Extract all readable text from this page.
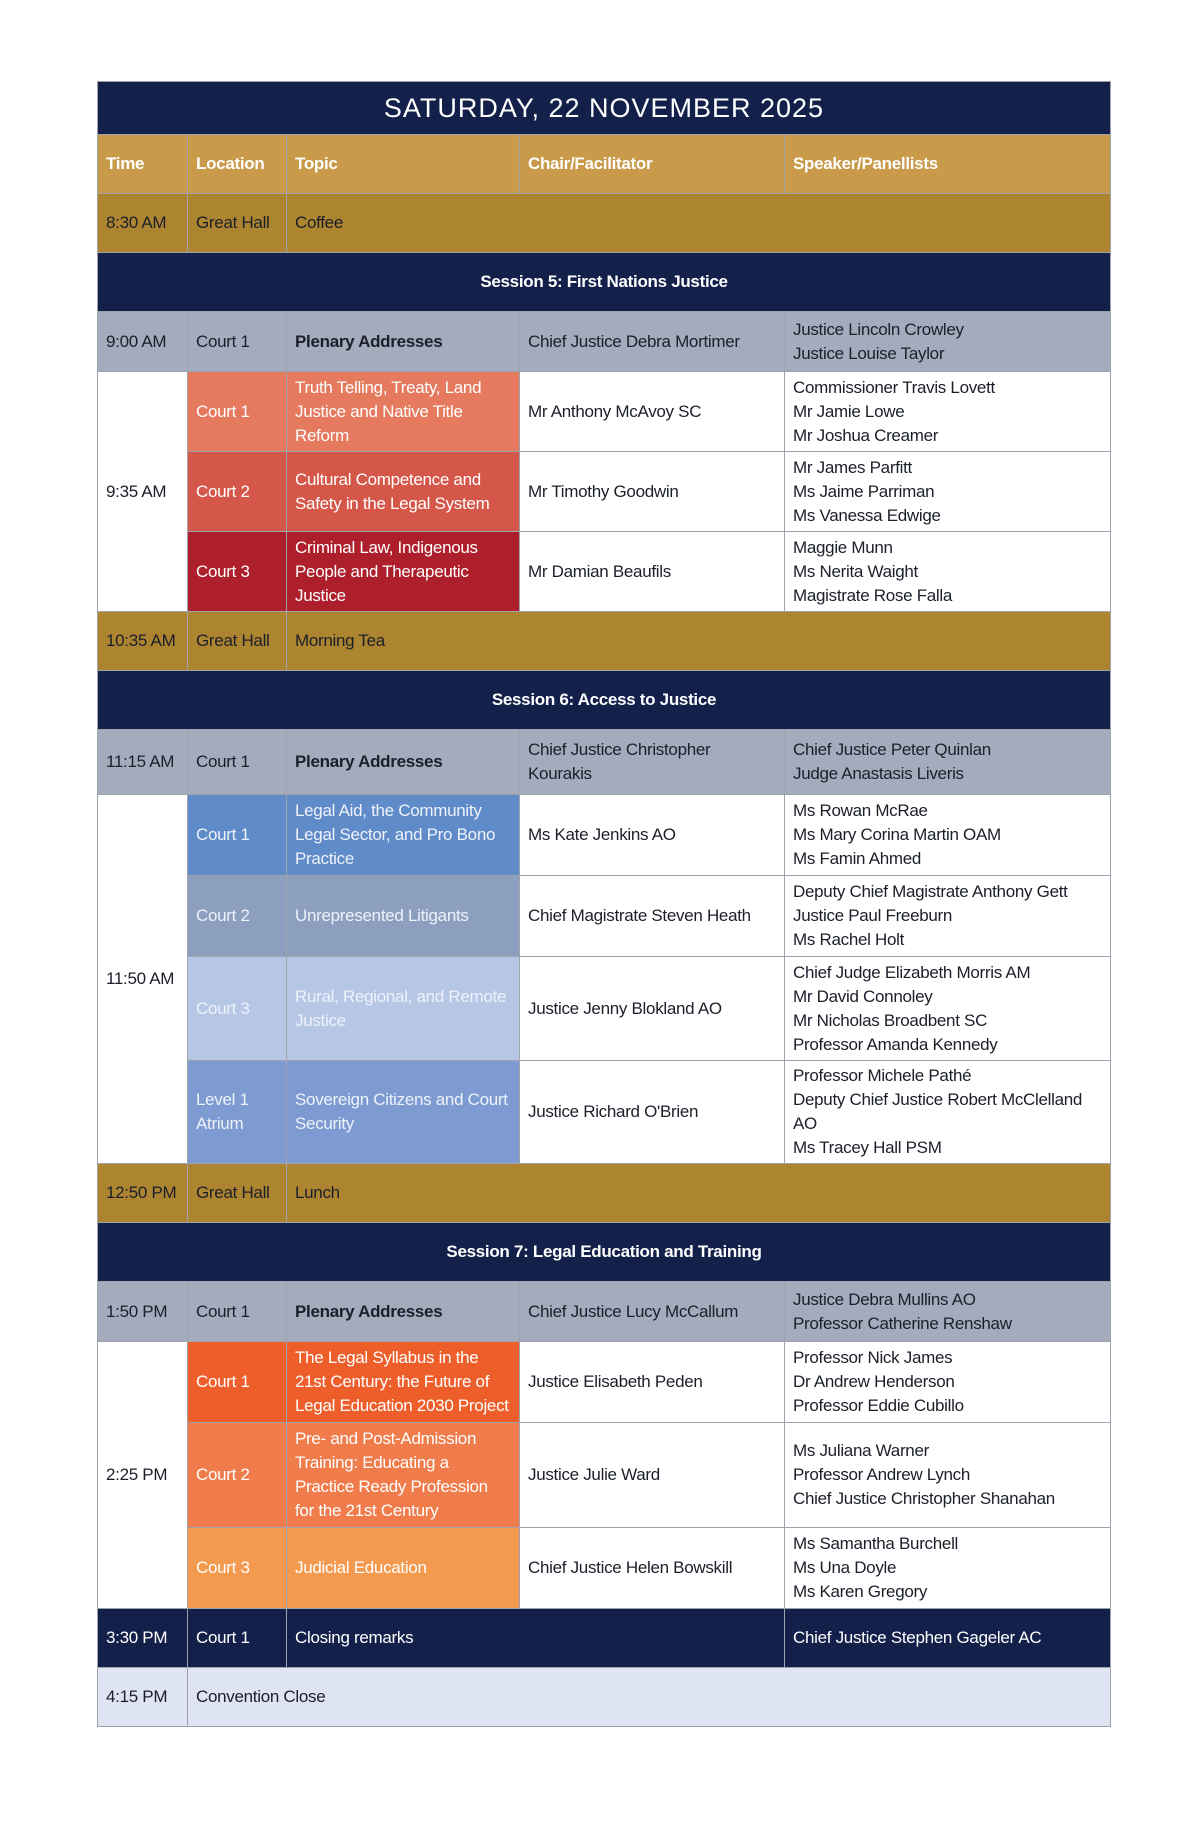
SATURDAY, 22 NOVEMBER 2025				
Time	Location	Topic	Chair/Facilitator	Speaker/Panellists
8:30 AM	Great Hall	Coffee		
Session 5: First Nations Justice				
9:00 AM	Court 1	Plenary Addresses	Chief Justice Debra Mortimer	Justice Lincoln Crowley
Justice Louise Taylor

9:35 AM	Court 1	Truth Telling, Treaty, Land Justice and Native Title Reform	Mr Anthony McAvoy SC	Commissioner Travis Lovett
Mr Jamie Lowe
Mr Joshua Creamer

	Court 2	Cultural Competence and Safety in the Legal System	Mr Timothy Goodwin	Mr James Parfitt
Ms Jaime Parriman
Ms Vanessa Edwige

	Court 3	Criminal Law, Indigenous People and Therapeutic Justice	Mr Damian Beaufils	Maggie Munn
Ms Nerita Waight
Magistrate Rose Falla

10:35 AM	Great Hall	Morning Tea		
Session 6: Access to Justice				
11:15 AM	Court 1	Plenary Addresses	Chief Justice Christopher Kourakis	Chief Justice Peter Quinlan
Judge Anastasis Liveris

11:50 AM	Court 1	Legal Aid, the Community Legal Sector, and Pro Bono Practice	Ms Kate Jenkins AO	Ms Rowan McRae
Ms Mary Corina Martin OAM
Ms Famin Ahmed

	Court 2	Unrepresented Litigants	Chief Magistrate Steven Heath	Deputy Chief Magistrate Anthony Gett
Justice Paul Freeburn
Ms Rachel Holt

	Court 3	Rural, Regional, and Remote Justice	Justice Jenny Blokland AO	Chief Judge Elizabeth Morris AM
Mr David Connoley
Mr Nicholas Broadbent SC
Professor Amanda Kennedy

	Level 1 Atrium	Sovereign Citizens and Court Security	Justice Richard O'Brien	Professor Michele Pathé
Deputy Chief Justice Robert McClelland AO
Ms Tracey Hall PSM

12:50 PM	Great Hall	Lunch		
Session 7: Legal Education and Training				
1:50 PM	Court 1	Plenary Addresses	Chief Justice Lucy McCallum	Justice Debra Mullins AO
Professor Catherine Renshaw

2:25 PM	Court 1	The Legal Syllabus in the 21st Century: the Future of Legal Education 2030 Project	Justice Elisabeth Peden	Professor Nick James
Dr Andrew Henderson
Professor Eddie Cubillo

	Court 2	Pre- and Post-Admission Training: Educating a Practice Ready Profession for the 21st Century	Justice Julie Ward	Ms Juliana Warner
Professor Andrew Lynch
Chief Justice Christopher Shanahan

	Court 3	Judicial Education	Chief Justice Helen Bowskill	Ms Samantha Burchell
Ms Una Doyle
Ms Karen Gregory

3:30 PM	Court 1	Closing remarks		Chief Justice Stephen Gageler AC
4:15 PM	Convention Close			
